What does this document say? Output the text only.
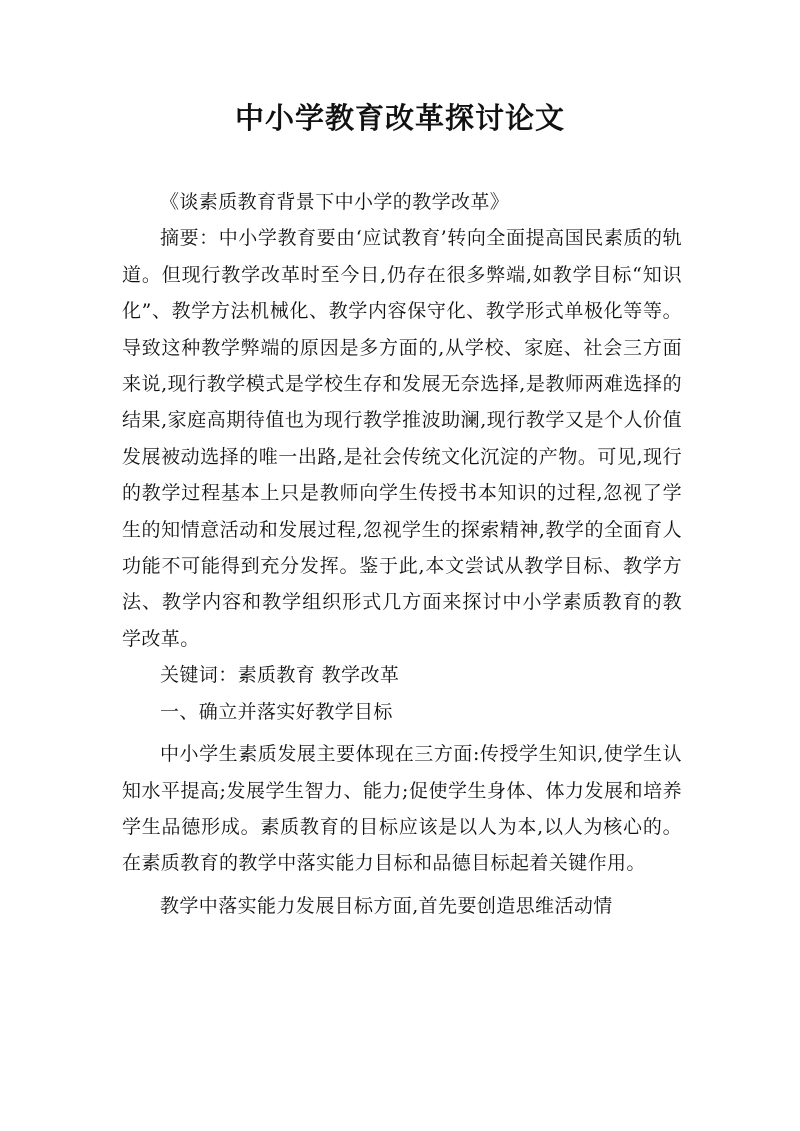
中小学教育改革探讨论文

《谈素质教育背景下中小学的教学改革》

摘要：中小学教育要由‘应试教育’转向全面提高国民素质的轨道。但现行教学改革时至今日,仍存在很多弊端,如教学目标“知识化”、教学方法机械化、教学内容保守化、教学形式单极化等等。导致这种教学弊端的原因是多方面的,从学校、家庭、社会三方面来说,现行教学模式是学校生存和发展无奈选择,是教师两难选择的结果,家庭高期待值也为现行教学推波助澜,现行教学又是个人价值发展被动选择的唯一出路,是社会传统文化沉淀的产物。可见,现行的教学过程基本上只是教师向学生传授书本知识的过程,忽视了学生的知情意活动和发展过程,忽视学生的探索精神,教学的全面育人功能不可能得到充分发挥。鉴于此,本文尝试从教学目标、教学方法、教学内容和教学组织形式几方面来探讨中小学素质教育的教学改革。

关键词：素质教育 教学改革

一、确立并落实好教学目标

中小学生素质发展主要体现在三方面:传授学生知识,使学生认知水平提高;发展学生智力、能力;促使学生身体、体力发展和培养学生品德形成。素质教育的目标应该是以人为本,以人为核心的。在素质教育的教学中落实能力目标和品德目标起着关键作用。

教学中落实能力发展目标方面,首先要创造思维活动情
